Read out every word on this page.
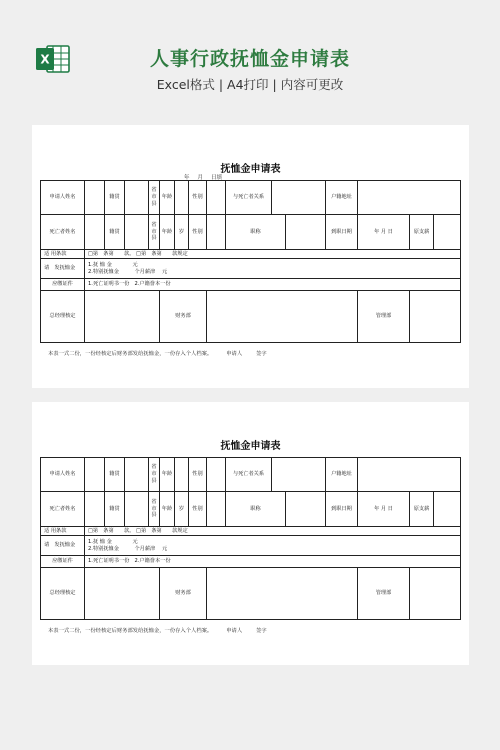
X	人事行政抚恤金申请表
Excel格式 | A4打印 | 内容可更改
抚恤金申请表
年 月 日填
申请人姓名		籍贯		省市县	年龄		性别		与死亡者关系			户籍地址			
死亡者姓名		籍贯		省市县	年龄	岁	性别		职称			到职日期	年 月 日	原支薪	
适 用条款	□第　条第　　款。 □第　条第　　款规定														
请　发抚恤金	1.抚 恤 金　　　　元
2.特别抚恤金　　　个月薪津　 元														

应缴证件	1.死亡证明书一份　2.户籍誊本一份														
总经理核定					财务部								管理部		
本表一式二份，一份经核定后财务部发给抚恤金，一份存入个人档案。	申请人	签字
抚恤金申请表
申请人姓名		籍贯		省市县	年龄		性别		与死亡者关系			户籍地址			
死亡者姓名		籍贯		省市县	年龄	岁	性别		职称			到职日期	年 月 日	原支薪	
适 用条款	□第　条第　　款。 □第　条第　　款规定														
请　发抚恤金	1.抚 恤 金　　　　元
2.特别抚恤金　　　个月薪津　 元														

应缴证件	1.死亡证明书一份　2.户籍誊本一份														
总经理核定					财务部								管理部		
本表一式二份，一份经核定后财务部发给抚恤金，一份存入个人档案。	申请人	签字
